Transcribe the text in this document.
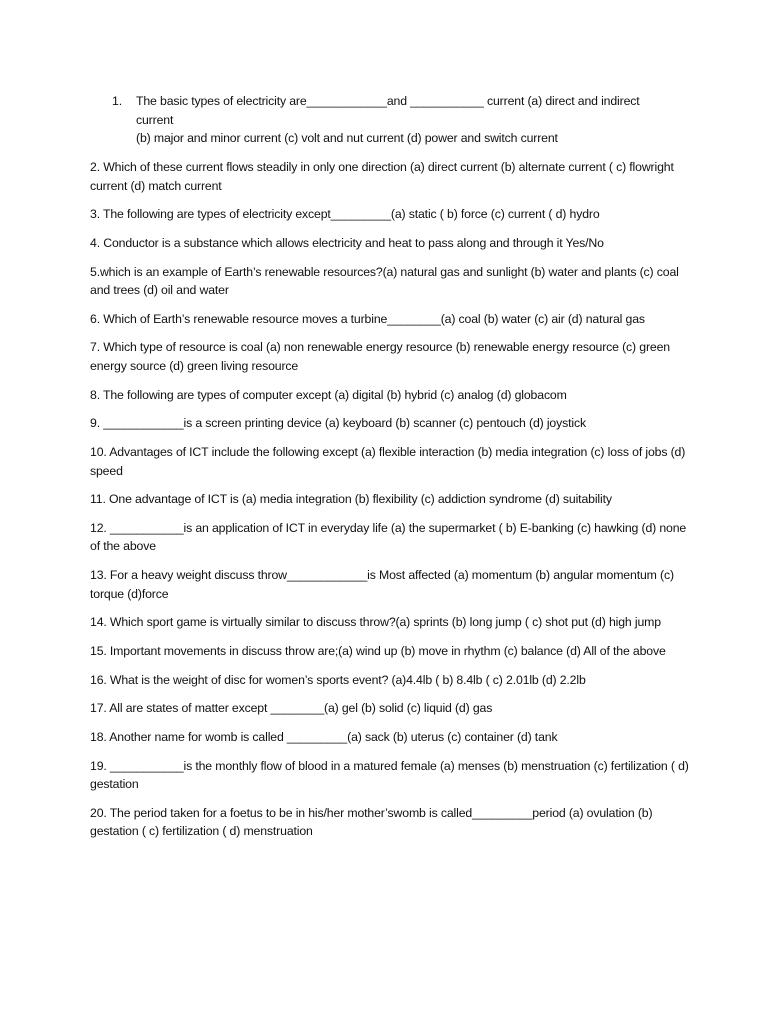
1. The basic types of electricity are____________and ___________ current (a) direct and indirect
current
(b) major and minor current (c) volt and nut current (d) power and switch current
2. Which of these current flows steadily in only one direction (a) direct current (b) alternate current ( c) flowright current (d) match current
3. The following are types of electricity except_________(a) static ( b) force (c) current ( d) hydro
4. Conductor is a substance which allows electricity and heat to pass along and through it Yes/No
5.which is an example of Earth’s renewable resources?(a) natural gas and sunlight (b) water and plants (c) coal and trees (d) oil and water
6. Which of Earth’s renewable resource moves a turbine________(a) coal (b) water (c) air (d) natural gas
7. Which type of resource is coal (a) non renewable energy resource (b) renewable energy resource (c) green energy source (d) green living resource
8. The following are types of computer except (a) digital (b) hybrid (c) analog (d) globacom
9. ____________is a screen printing device (a) keyboard (b) scanner (c) pentouch (d) joystick
10. Advantages of ICT include the following except (a) flexible interaction (b) media integration (c) loss of jobs (d) speed
11. One advantage of ICT is (a) media integration (b) flexibility (c) addiction syndrome (d) suitability
12. ___________is an application of ICT in everyday life (a) the supermarket ( b) E-banking (c) hawking (d) none of the above
13. For a heavy weight discuss throw____________is Most affected (a) momentum (b) angular momentum (c) torque (d)force
14. Which sport game is virtually similar to discuss throw?(a) sprints (b) long jump ( c) shot put (d) high jump
15. Important movements in discuss throw are;(a) wind up (b) move in rhythm (c) balance (d) All of the above
16. What is the weight of disc for women’s sports event? (a)4.4lb ( b) 8.4lb ( c) 2.01lb (d) 2.2lb
17. All are states of matter except ________(a) gel (b) solid (c) liquid (d) gas
18. Another name for womb is called _________(a) sack (b) uterus (c) container (d) tank
19. ___________is the monthly flow of blood in a matured female (a) menses (b) menstruation (c) fertilization ( d) gestation
20. The period taken for a foetus to be in his/her mother’swomb is called_________period (a) ovulation (b) gestation ( c) fertilization ( d) menstruation
